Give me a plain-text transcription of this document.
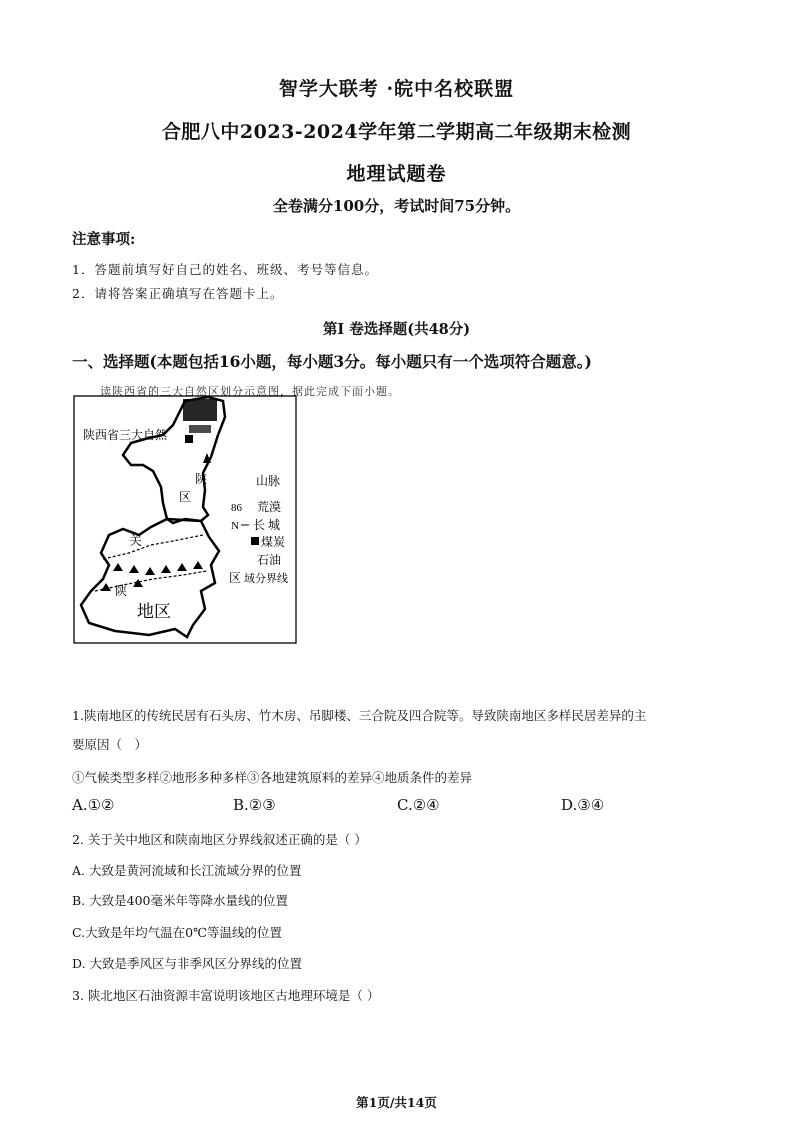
智学大联考 ·皖中名校联盟
合肥八中2023-2024学年第二学期高二年级期末检测
地理试题卷
全卷满分100分，考试时间75分钟。
注意事项:
1．答题前填写好自己的姓名、班级、考号等信息。
2．请将答案正确填写在答题卡上。
第I 卷选择题(共48分)
一、选择题(本题包括16小题，每小题3分。每小题只有一个选项符合题意。)
读陕西省的三大自然区划分示意图，据此完成下面小题。
陕西省三大自然
陕
区
关
陕
地区
山脉
86 荒漠
N 长 城
煤炭
石油
区 域分界线
1.陕南地区的传统民居有石头房、竹木房、吊脚楼、三合院及四合院等。导致陕南地区多样民居差异的主
要原因（　）
①气候类型多样②地形多种多样③各地建筑原料的差异④地质条件的差异
A.①②	B.②③	C.②④	D.③④
2. 关于关中地区和陕南地区分界线叙述正确的是（ ）
A. 大致是黄河流域和长江流域分界的位置
B. 大致是400毫米年等降水量线的位置
C.大致是年均气温在0℃等温线的位置
D. 大致是季风区与非季风区分界线的位置
3. 陕北地区石油资源丰富说明该地区古地理环境是（ ）
第1页/共14页
